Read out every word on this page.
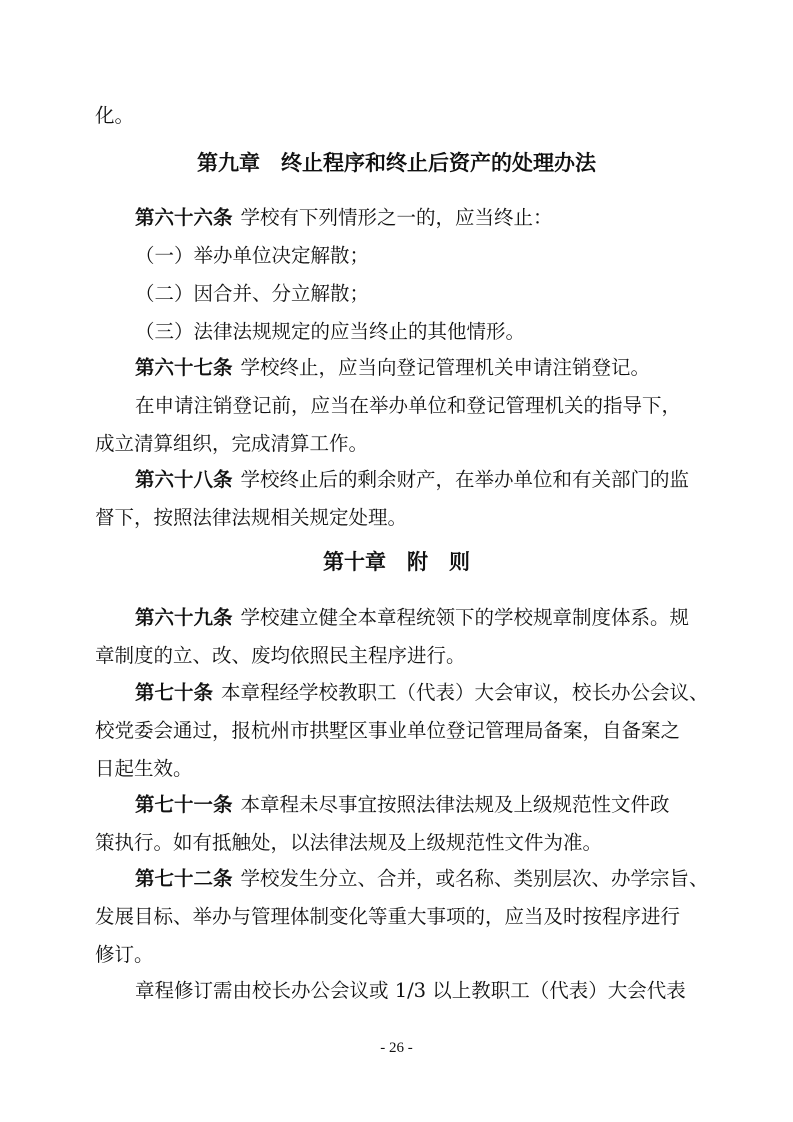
第九章　终止程序和终止后资产的处理办法
第十章　附　则
化。
第六十六条 学校有下列情形之一的，应当终止：
（一）举办单位决定解散；
（二）因合并、分立解散；
（三）法律法规规定的应当终止的其他情形。
第六十七条 学校终止，应当向登记管理机关申请注销登记。
在申请注销登记前，应当在举办单位和登记管理机关的指导下，
成立清算组织，完成清算工作。
第六十八条 学校终止后的剩余财产，在举办单位和有关部门的监
督下，按照法律法规相关规定处理。
第六十九条 学校建立健全本章程统领下的学校规章制度体系。规
章制度的立、改、废均依照民主程序进行。
第七十条 本章程经学校教职工（代表）大会审议，校长办公会议、
校党委会通过，报杭州市拱墅区事业单位登记管理局备案，自备案之
日起生效。
第七十一条 本章程未尽事宜按照法律法规及上级规范性文件政
策执行。如有抵触处，以法律法规及上级规范性文件为准。
第七十二条 学校发生分立、合并，或名称、类别层次、办学宗旨、
发展目标、举办与管理体制变化等重大事项的，应当及时按程序进行
修订。
章程修订需由校长办公会议或 1/3 以上教职工（代表）大会代表
- 26 -
